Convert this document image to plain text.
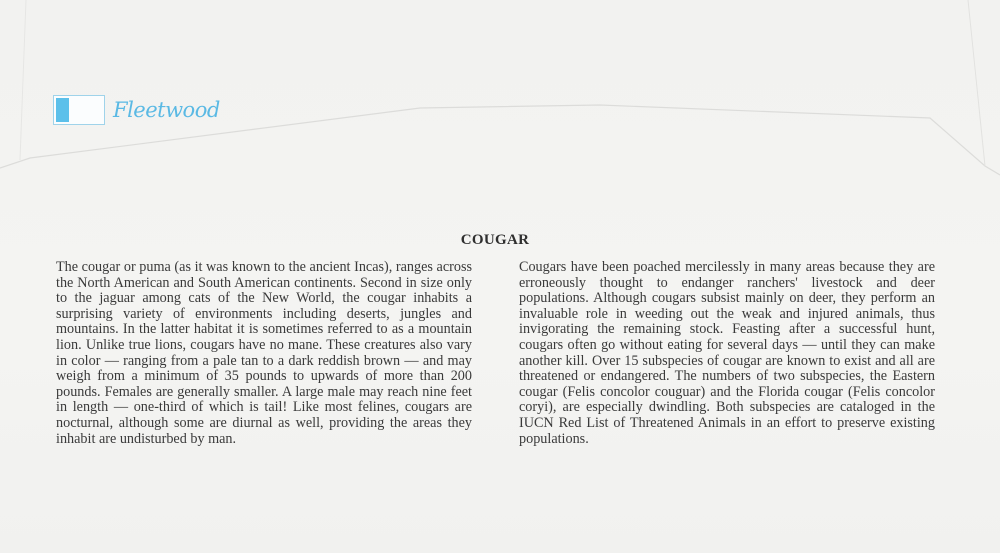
Fleetwood
COUGAR
The cougar or puma (as it was known to the ancient Incas), ranges across the North American and South American continents. Second in size only to the jaguar among cats of the New World, the cougar inhabits a surprising variety of environments including deserts, jungles and mountains. In the latter habitat it is sometimes referred to as a mountain lion. Unlike true lions, cougars have no mane. These creatures also vary in color — ranging from a pale tan to a dark reddish brown — and may weigh from a minimum of 35 pounds to upwards of more than 200 pounds. Females are generally smaller. A large male may reach nine feet in length — one-third of which is tail! Like most felines, cougars are nocturnal, although some are diurnal as well, providing the areas they inhabit are undisturbed by man.
Cougars have been poached mercilessly in many areas because they are erroneously thought to endanger ranchers' livestock and deer populations. Although cougars subsist mainly on deer, they perform an invaluable role in weeding out the weak and injured animals, thus invigorating the remaining stock. Feasting after a successful hunt, cougars often go without eating for several days — until they can make another kill. Over 15 subspecies of cougar are known to exist and all are threatened or endangered. The numbers of two subspecies, the Eastern cougar (Felis concolor couguar) and the Florida cougar (Felis concolor coryi), are especially dwindling. Both subspecies are cataloged in the IUCN Red List of Threatened Animals in an effort to preserve existing populations.
